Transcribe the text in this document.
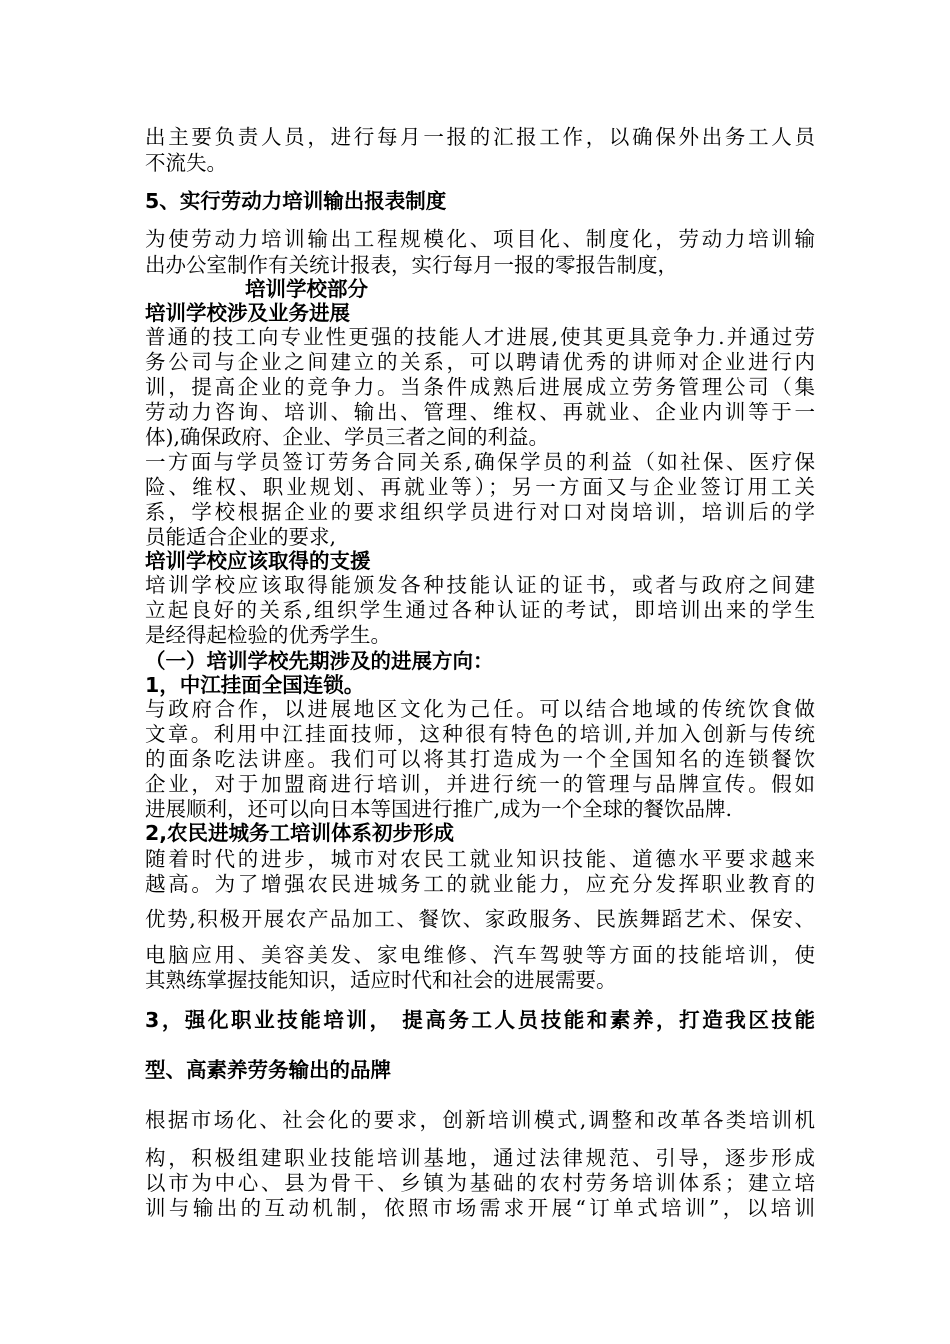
出主要负责人员，进行每月一报的汇报工作，以确保外出务工人员
不流失。
5、实行劳动力培训输出报表制度
为使劳动力培训输出工程规模化、项目化、制度化，劳动力培训输
出办公室制作有关统计报表，实行每月一报的零报告制度，
培训学校部分
培训学校涉及业务进展
普通的技工向专业性更强的技能人才进展,使其更具竞争力.并通过劳
务公司与企业之间建立的关系，可以聘请优秀的讲师对企业进行内
训，提高企业的竞争力。当条件成熟后进展成立劳务管理公司（集
劳动力咨询、培训、输出、管理、维权、再就业、企业内训等于一
体),确保政府、企业、学员三者之间的利益。
一方面与学员签订劳务合同关系,确保学员的利益（如社保、医疗保
险、维权、职业规划、再就业等）；另一方面又与企业签订用工关
系，学校根据企业的要求组织学员进行对口对岗培训，培训后的学
员能适合企业的要求,
培训学校应该取得的支援
培训学校应该取得能颁发各种技能认证的证书，或者与政府之间建
立起良好的关系,组织学生通过各种认证的考试，即培训出来的学生
是经得起检验的优秀学生。
（一）培训学校先期涉及的进展方向：
1，中江挂面全国连锁。
与政府合作，以进展地区文化为己任。可以结合地域的传统饮食做
文章。利用中江挂面技师，这种很有特色的培训,并加入创新与传统
的面条吃法讲座。我们可以将其打造成为一个全国知名的连锁餐饮
企业，对于加盟商进行培训，并进行统一的管理与品牌宣传。假如
进展顺利，还可以向日本等国进行推广,成为一个全球的餐饮品牌.
2,农民进城务工培训体系初步形成
随着时代的进步，城市对农民工就业知识技能、道德水平要求越来
越高。为了增强农民进城务工的就业能力，应充分发挥职业教育的
优势,积极开展农产品加工、餐饮、家政服务、民族舞蹈艺术、保安、
电脑应用、美容美发、家电维修、汽车驾驶等方面的技能培训，使
其熟练掌握技能知识，适应时代和社会的进展需要。
3，强化职业技能培训， 提高务工人员技能和素养，打造我区技能
型、高素养劳务输出的品牌
根据市场化、社会化的要求，创新培训模式,调整和改革各类培训机
构，积极组建职业技能培训基地，通过法律规范、引导，逐步形成
以市为中心、县为骨干、乡镇为基础的农村劳务培训体系；建立培
训与输出的互动机制，依照市场需求开展“订单式培训”，以培训
